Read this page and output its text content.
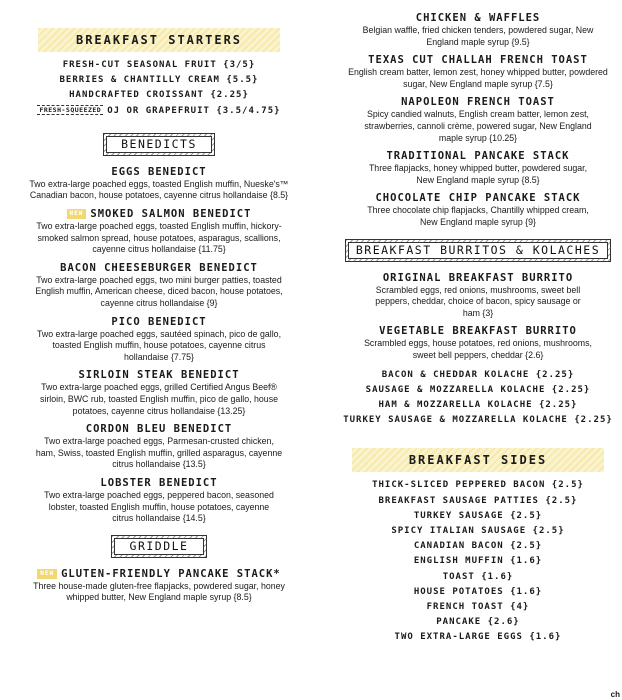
BREAKFAST STARTERS
FRESH-CUT SEASONAL FRUIT {3/5}
BERRIES & CHANTILLY CREAM {5.5}
HANDCRAFTED CROISSANT {2.25}
FRESH-SQUEEZED OJ OR GRAPEFRUIT {3.5/4.75}
BENEDICTS
EGGS BENEDICT
Two extra-large poached eggs, toasted English muffin, Nueske's™ Canadian bacon, house potatoes, cayenne citrus hollandaise {8.5}
NEW SMOKED SALMON BENEDICT
Two extra-large poached eggs, toasted English muffin, hickory-smoked salmon spread, house potatoes, asparagus, scallions, cayenne citrus hollandaise {11.75}
BACON CHEESEBURGER BENEDICT
Two extra-large poached eggs, two mini burger patties, toasted English muffin, American cheese, diced bacon, house potatoes, cayenne citrus hollandaise {9}
PICO BENEDICT
Two extra-large poached eggs, sautéed spinach, pico de gallo, toasted English muffin, house potatoes, cayenne citrus hollandaise {7.75}
SIRLOIN STEAK BENEDICT
Two extra-large poached eggs, grilled Certified Angus Beef® sirloin, BWC rub, toasted English muffin, pico de gallo, house potatoes, cayenne citrus hollandaise {13.25}
CORDON BLEU BENEDICT
Two extra-large poached eggs, Parmesan-crusted chicken, ham, Swiss, toasted English muffin, grilled asparagus, cayenne citrus hollandaise {13.5}
LOBSTER BENEDICT
Two extra-large poached eggs, peppered bacon, seasoned lobster, toasted English muffin, house potatoes, cayenne citrus hollandaise {14.5}
GRIDDLE
NEW GLUTEN-FRIENDLY PANCAKE STACK*
Three house-made gluten-free flapjacks, powdered sugar, honey whipped butter, New England maple syrup {8.5}
CHICKEN & WAFFLES
Belgian waffle, fried chicken tenders, powdered sugar, New England maple syrup {9.5}
TEXAS CUT CHALLAH FRENCH TOAST
English cream batter, lemon zest, honey whipped butter, powdered sugar, New England maple syrup {7.5}
NAPOLEON FRENCH TOAST
Spicy candied walnuts, English cream batter, lemon zest, strawberries, cannoli crème, powered sugar, New England maple syrup {10.25}
TRADITIONAL PANCAKE STACK
Three flapjacks, honey whipped butter, powdered sugar, New England maple syrup {8.5}
CHOCOLATE CHIP PANCAKE STACK
Three chocolate chip flapjacks, Chantilly whipped cream, New England maple syrup {9}
BREAKFAST BURRITOS & KOLACHES
ORIGINAL BREAKFAST BURRITO
Scrambled eggs, red onions, mushrooms, sweet bell peppers, cheddar, choice of bacon, spicy sausage or ham {3}
VEGETABLE BREAKFAST BURRITO
Scrambled eggs, house potatoes, red onions, mushrooms, sweet bell peppers, cheddar {2.6}
BACON & CHEDDAR KOLACHE {2.25}
SAUSAGE & MOZZARELLA KOLACHE {2.25}
HAM & MOZZARELLA KOLACHE {2.25}
TURKEY SAUSAGE & MOZZARELLA KOLACHE {2.25}
BREAKFAST SIDES
THICK-SLICED PEPPERED BACON {2.5}
BREAKFAST SAUSAGE PATTIES {2.5}
TURKEY SAUSAGE {2.5}
SPICY ITALIAN SAUSAGE {2.5}
CANADIAN BACON {2.5}
ENGLISH MUFFIN {1.6}
TOAST {1.6}
HOUSE POTATOES {1.6}
FRENCH TOAST {4}
PANCAKE {2.6}
TWO EXTRA-LARGE EGGS {1.6}
ch
